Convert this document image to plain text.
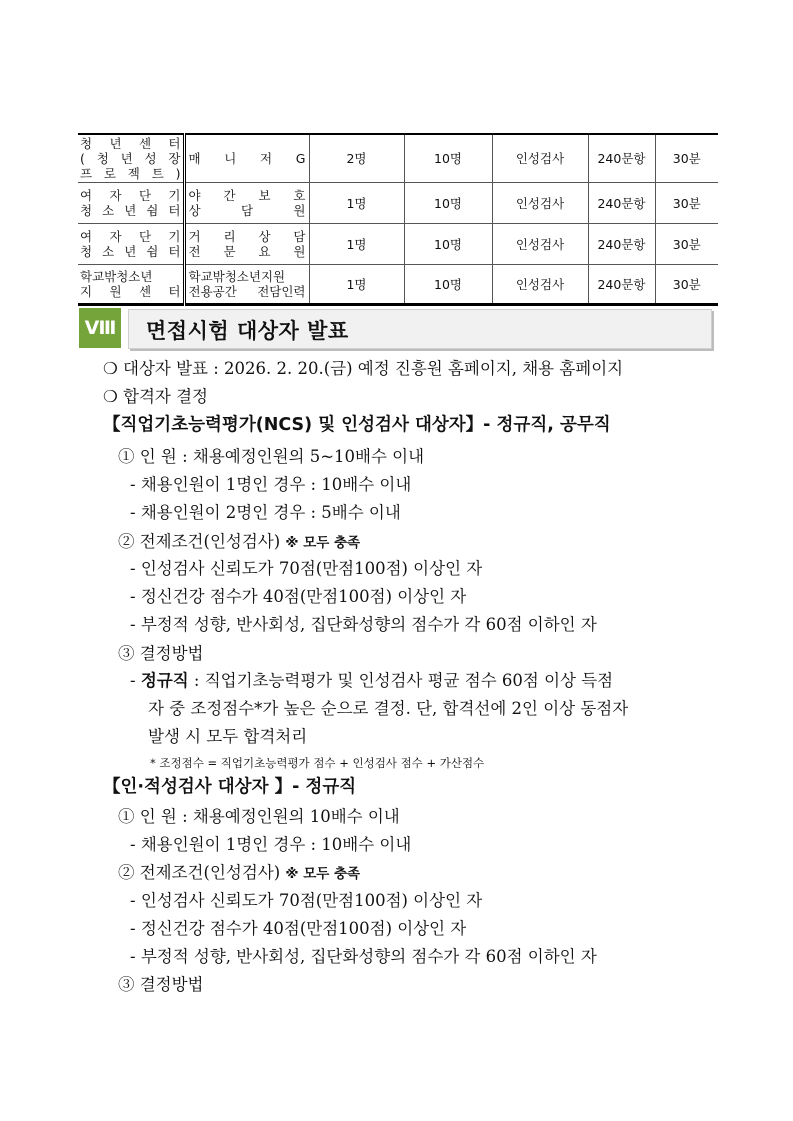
청 년 센 터
( 청 년 성 장
프 로 젝 트 )	매 니 저 G	2명	10명	인성검사	240문항	30분

여 자 단 기
청 소 년 쉼 터	야 간 보 호
상 담 원	1명	10명	인성검사	240문항	30분

여 자 단 기
청 소 년 쉼 터	거 리 상 담
전 문 요 원	1명	10명	인성검사	240문항	30분

학교밖청소년
지 원 센 터	학교밖청소년지원
전용공간 전담인력	1명	10명	인성검사	240문항	30분
Ⅷ 면접시험 대상자 발표
❍ 대상자 발표 : 2026. 2. 20.(금) 예정 진흥원 홈페이지, 채용 홈페이지
❍ 합격자 결정
【직업기초능력평가(NCS) 및 인성검사 대상자】- 정규직, 공무직
① 인 원 : 채용예정인원의 5~10배수 이내
- 채용인원이 1명인 경우 : 10배수 이내
- 채용인원이 2명인 경우 : 5배수 이내
② 전제조건(인성검사) ※ 모두 충족
- 인성검사 신뢰도가 70점(만점100점) 이상인 자
- 정신건강 점수가 40점(만점100점) 이상인 자
- 부정적 성향, 반사회성, 집단화성향의 점수가 각 60점 이하인 자
③ 결정방법
- 정규직 : 직업기초능력평가 및 인성검사 평균 점수 60점 이상 득점
자 중 조정점수*가 높은 순으로 결정. 단, 합격선에 2인 이상 동점자
발생 시 모두 합격처리
* 조정점수 = 직업기초능력평가 점수 + 인성검사 점수 + 가산점수
【인·적성검사 대상자 】- 정규직
① 인 원 : 채용예정인원의 10배수 이내
- 채용인원이 1명인 경우 : 10배수 이내
② 전제조건(인성검사) ※ 모두 충족
- 인성검사 신뢰도가 70점(만점100점) 이상인 자
- 정신건강 점수가 40점(만점100점) 이상인 자
- 부정적 성향, 반사회성, 집단화성향의 점수가 각 60점 이하인 자
③ 결정방법
